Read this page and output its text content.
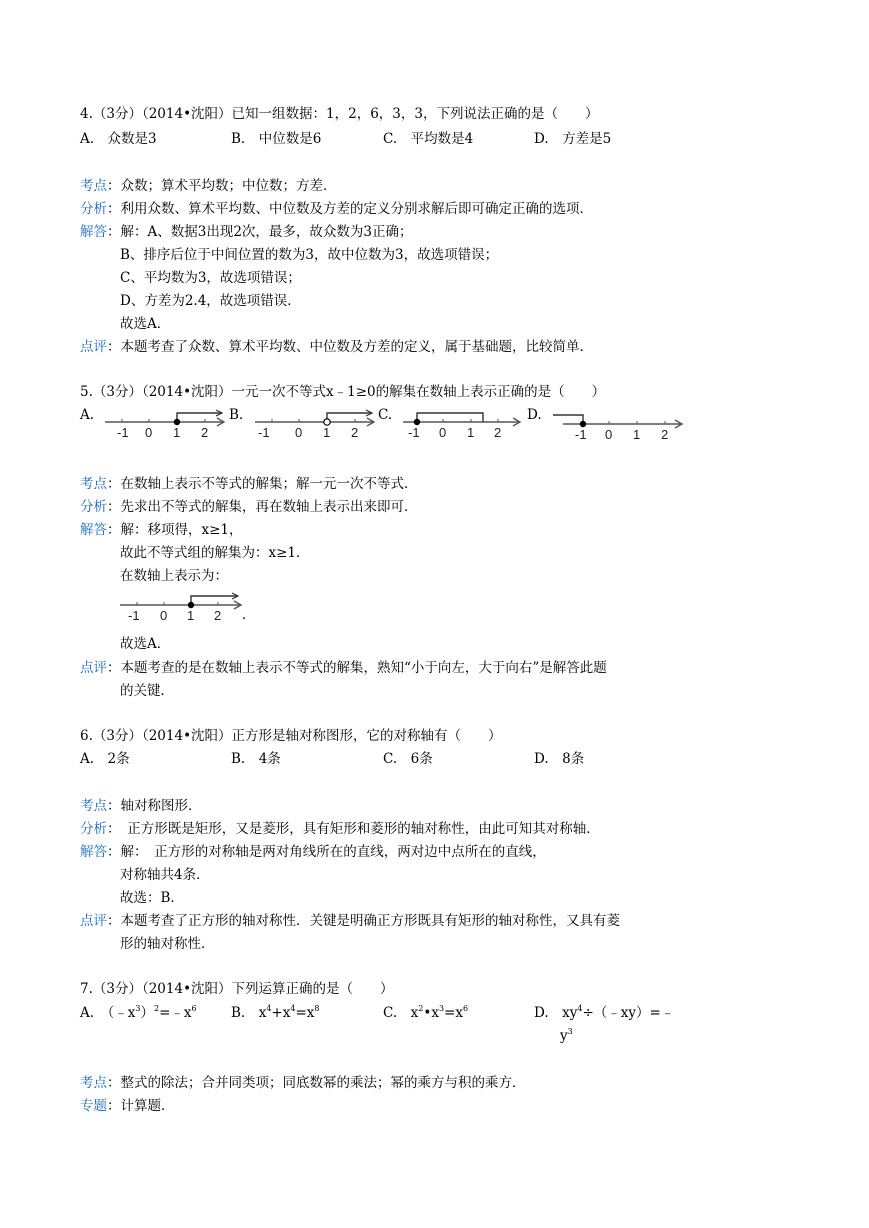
4.（3分）（2014•沈阳）已知一组数据：1，2，6，3，3，下列说法正确的是（　　）
A.　众数是3	B.　中位数是6	C.　平均数是4	D.　方差是5
考点：众数；算术平均数；中位数；方差．
分析：利用众数、算术平均数、中位数及方差的定义分别求解后即可确定正确的选项．
解答：解：A、数据3出现2次，最多，故众数为3正确；
B、排序后位于中间位置的数为3，故中位数为3，故选项错误；
C、平均数为3，故选项错误；
D、方差为2.4，故选项错误．
故选A．
点评：本题考查了众数、算术平均数、中位数及方差的定义，属于基础题，比较简单．
5.（3分）（2014•沈阳）一元一次不等式x﹣1≥0的解集在数轴上表示正确的是（　　）
A.	B.	C.	D.
-1 0 1 2	-1 0 1 2	-1 0 1 2	-1 0 1 2
考点：在数轴上表示不等式的解集；解一元一次不等式．
分析：先求出不等式的解集，再在数轴上表示出来即可．
解答：解：移项得，x≥1，
故此不等式组的解集为：x≥1．
在数轴上表示为：
-1 0 1 2 ．
故选A．
点评：本题考查的是在数轴上表示不等式的解集，熟知“小于向左，大于向右”是解答此题
的关键．
6.（3分）（2014•沈阳）正方形是轴对称图形，它的对称轴有（　　）
A.　2条	B.　4条	C.　6条	D.　8条
考点：轴对称图形．
分析：　正方形既是矩形，又是菱形，具有矩形和菱形的轴对称性，由此可知其对称轴．
解答：解：　正方形的对称轴是两对角线所在的直线，两对边中点所在的直线，
对称轴共4条．
故选：B．
点评：本题考查了正方形的轴对称性．关键是明确正方形既具有矩形的轴对称性，又具有菱
形的轴对称性．
7.（3分）（2014•沈阳）下列运算正确的是（　　）
A.　$(﹣x^3)^2=﹣x^6$	B.　$x^4+x^4=x^8$	C.　$x^2•x^3=x^6$	D.　$xy^4\div(﹣xy)=﹣$
$y^3$
考点：整式的除法；合并同类项；同底数幂的乘法；幂的乘方与积的乘方．
专题：计算题．
